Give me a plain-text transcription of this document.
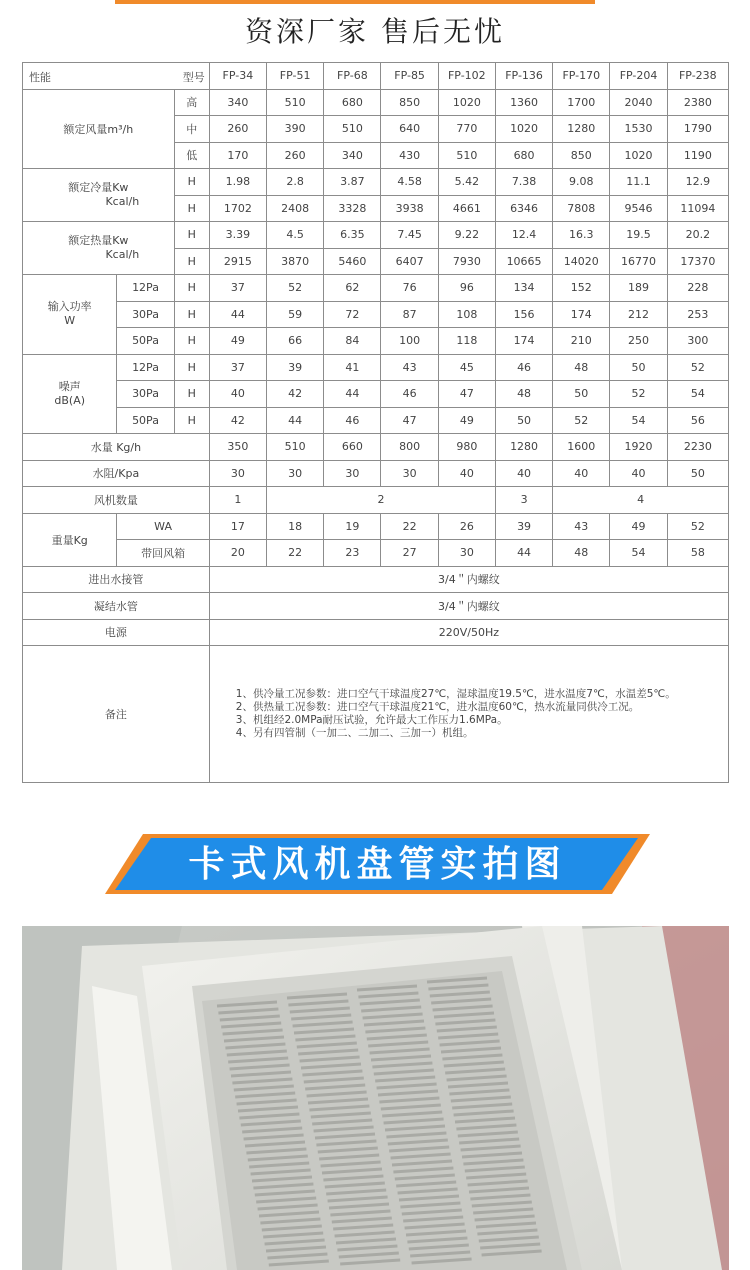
资深厂家 售后无忧
性能 型号			FP-34	FP-51	FP-68	FP-85	FP-102	FP-136	FP-170	FP-204	FP-238
额定风量m³/h		高	340	510	680	850	1020	1360	1700	2040	2380
		中	260	390	510	640	770	1020	1280	1530	1790
		低	170	260	340	430	510	680	850	1020	1190

额定冷量Kw
Kcal/h		H	1.98	2.8	3.87	4.58	5.42	7.38	9.08	11.1	12.9
		H	1702	2408	3328	3938	4661	6346	7808	9546	11094

额定热量Kw
Kcal/h		H	3.39	4.5	6.35	7.45	9.22	12.4	16.3	19.5	20.2
		H	2915	3870	5460	6407	7930	10665	14020	16770	17370

输入功率
W	12Pa	H	37	52	62	76	96	134	152	189	228
	30Pa	H	44	59	72	87	108	156	174	212	253
	50Pa	H	49	66	84	100	118	174	210	250	300

噪声
dB(A)	12Pa	H	37	39	41	43	45	46	48	50	52
	30Pa	H	40	42	44	46	47	48	50	52	54
	50Pa	H	42	44	46	47	49	50	52	54	56
水量 Kg/h			350	510	660	800	980	1280	1600	1920	2230
水阻/Kpa			30	30	30	30	40	40	40	40	50
风机数量			1	2				3	4		
重量Kg	WA		17	18	19	22	26	39	43	49	52
	带回风箱		20	22	23	27	30	44	48	54	58
进出水接管			3/4＂内螺纹								
凝结水管			3/4＂内螺纹								
电源			220V/50Hz								
备注			1、供冷量工况参数：进口空气干球温度27℃，湿球温度19.5℃，进水温度7℃，水温差5℃。
2、供热量工况参数：进口空气干球温度21℃，进水温度60℃，热水流量同供冷工况。
3、机组经2.0MPa耐压试验，允许最大工作压力1.6MPa。
4、另有四管制（一加二、二加二、三加一）机组。								
卡式风机盘管实拍图
